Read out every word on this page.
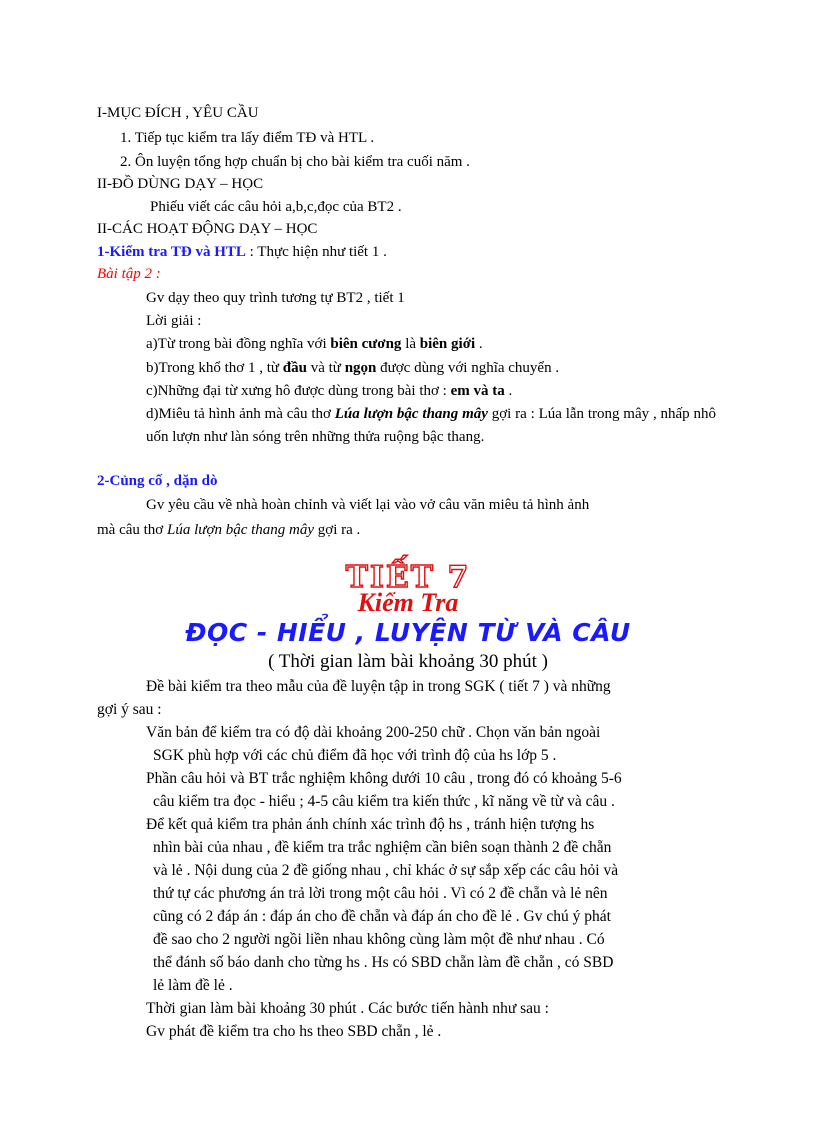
I-MỤC ĐÍCH , YÊU CẦU
1. Tiếp tục kiểm tra lấy điểm TĐ và HTL .
2. Ôn luyện tổng hợp chuẩn bị cho bài kiểm tra cuối năm .
II-ĐỒ DÙNG DẠY – HỌC
Phiếu viết các câu hỏi a,b,c,đọc của BT2 .
II-CÁC HOẠT ĐỘNG DẠY – HỌC
1-Kiểm tra TĐ và HTL : Thực hiện như tiết 1 .
Bài tập 2 :
Gv dạy theo quy trình tương tự BT2 , tiết 1
Lời giải :
a)Từ trong bài đồng nghĩa với biên cương là biên giới .
b)Trong khổ thơ 1 , từ đầu và từ ngọn được dùng với nghĩa chuyển .
c)Những đại từ xưng hô được dùng trong bài thơ : em và ta .
d)Miêu tả hình ảnh mà câu thơ Lúa lượn bậc thang mây gợi ra : Lúa lẫn trong mây , nhấp nhô uốn lượn như làn sóng trên những thửa ruộng bậc thang.
2-Củng cố , dặn dò
Gv yêu cầu về nhà hoàn chỉnh và viết lại vào vở câu văn miêu tả hình ảnh
mà câu thơ Lúa lượn bậc thang mây gợi ra .
TIẾT 7
Kiểm Tra
ĐỌC - HIỂU , LUYỆN TỪ VÀ CÂU
( Thời gian làm bài khoảng 30 phút )
Đề bài kiểm tra theo mẫu của đề luyện tập in trong SGK ( tiết 7 ) và những
gợi ý sau :
Văn bản để kiểm tra có độ dài khoảng 200-250 chữ . Chọn văn bản ngoài
SGK phù hợp với các chủ điểm đã học với trình độ của hs lớp 5 .
Phần câu hỏi và BT trắc nghiệm không dưới 10 câu , trong đó có khoảng 5-6
câu kiểm tra đọc - hiểu ; 4-5 câu kiểm tra kiến thức , kĩ năng về từ và câu .
Để kết quả kiểm tra phản ánh chính xác trình độ hs , tránh hiện tượng hs
nhìn bài của nhau , đề kiểm tra trắc nghiệm cần biên soạn thành 2 đề chẵn
và lẻ . Nội dung của 2 đề giống nhau , chỉ khác ở sự sắp xếp các câu hỏi và
thứ tự các phương án trả lời trong một câu hỏi . Vì có 2 đề chẵn và lẻ nên
cũng có 2 đáp án : đáp án cho đề chẵn và đáp án cho đề lẻ . Gv chú ý phát
đề sao cho 2 người ngồi liền nhau không cùng làm một đề như nhau . Có
thể đánh số báo danh cho từng hs . Hs có SBD chẵn làm đề chẵn , có SBD
lẻ làm đề lẻ .
Thời gian làm bài khoảng 30 phút . Các bước tiến hành như sau :
Gv phát đề kiểm tra cho hs theo SBD chẵn , lẻ .
